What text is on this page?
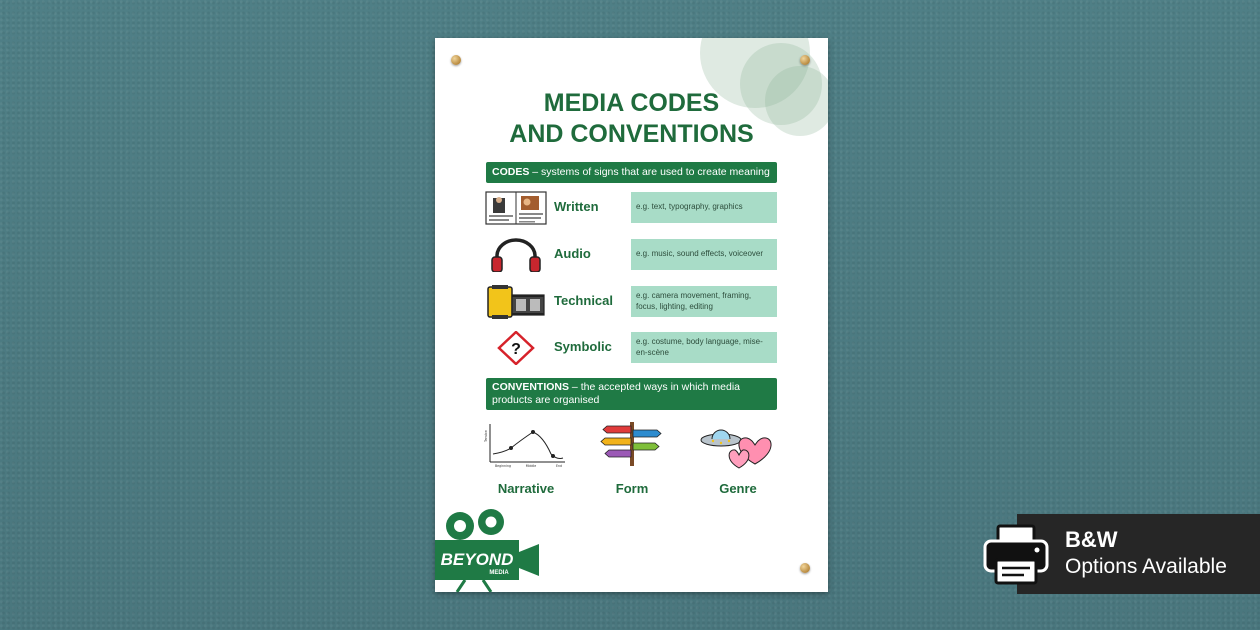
MEDIA CODES
AND CONVENTIONS
CODES – systems of signs that are used to create meaning
Written	e.g. text, typography, graphics
Audio	e.g. music, sound effects, voiceover
Technical	e.g. camera movement, framing, focus, lighting, editing
?	Symbolic	e.g. costume, body language, mise-en-scène
CONVENTIONS – the accepted ways in which media products are organised
Tension
Beginning	Middle	End
Narrative	Form	Genre
BEYOND
MEDIA
B&W
Options Available
